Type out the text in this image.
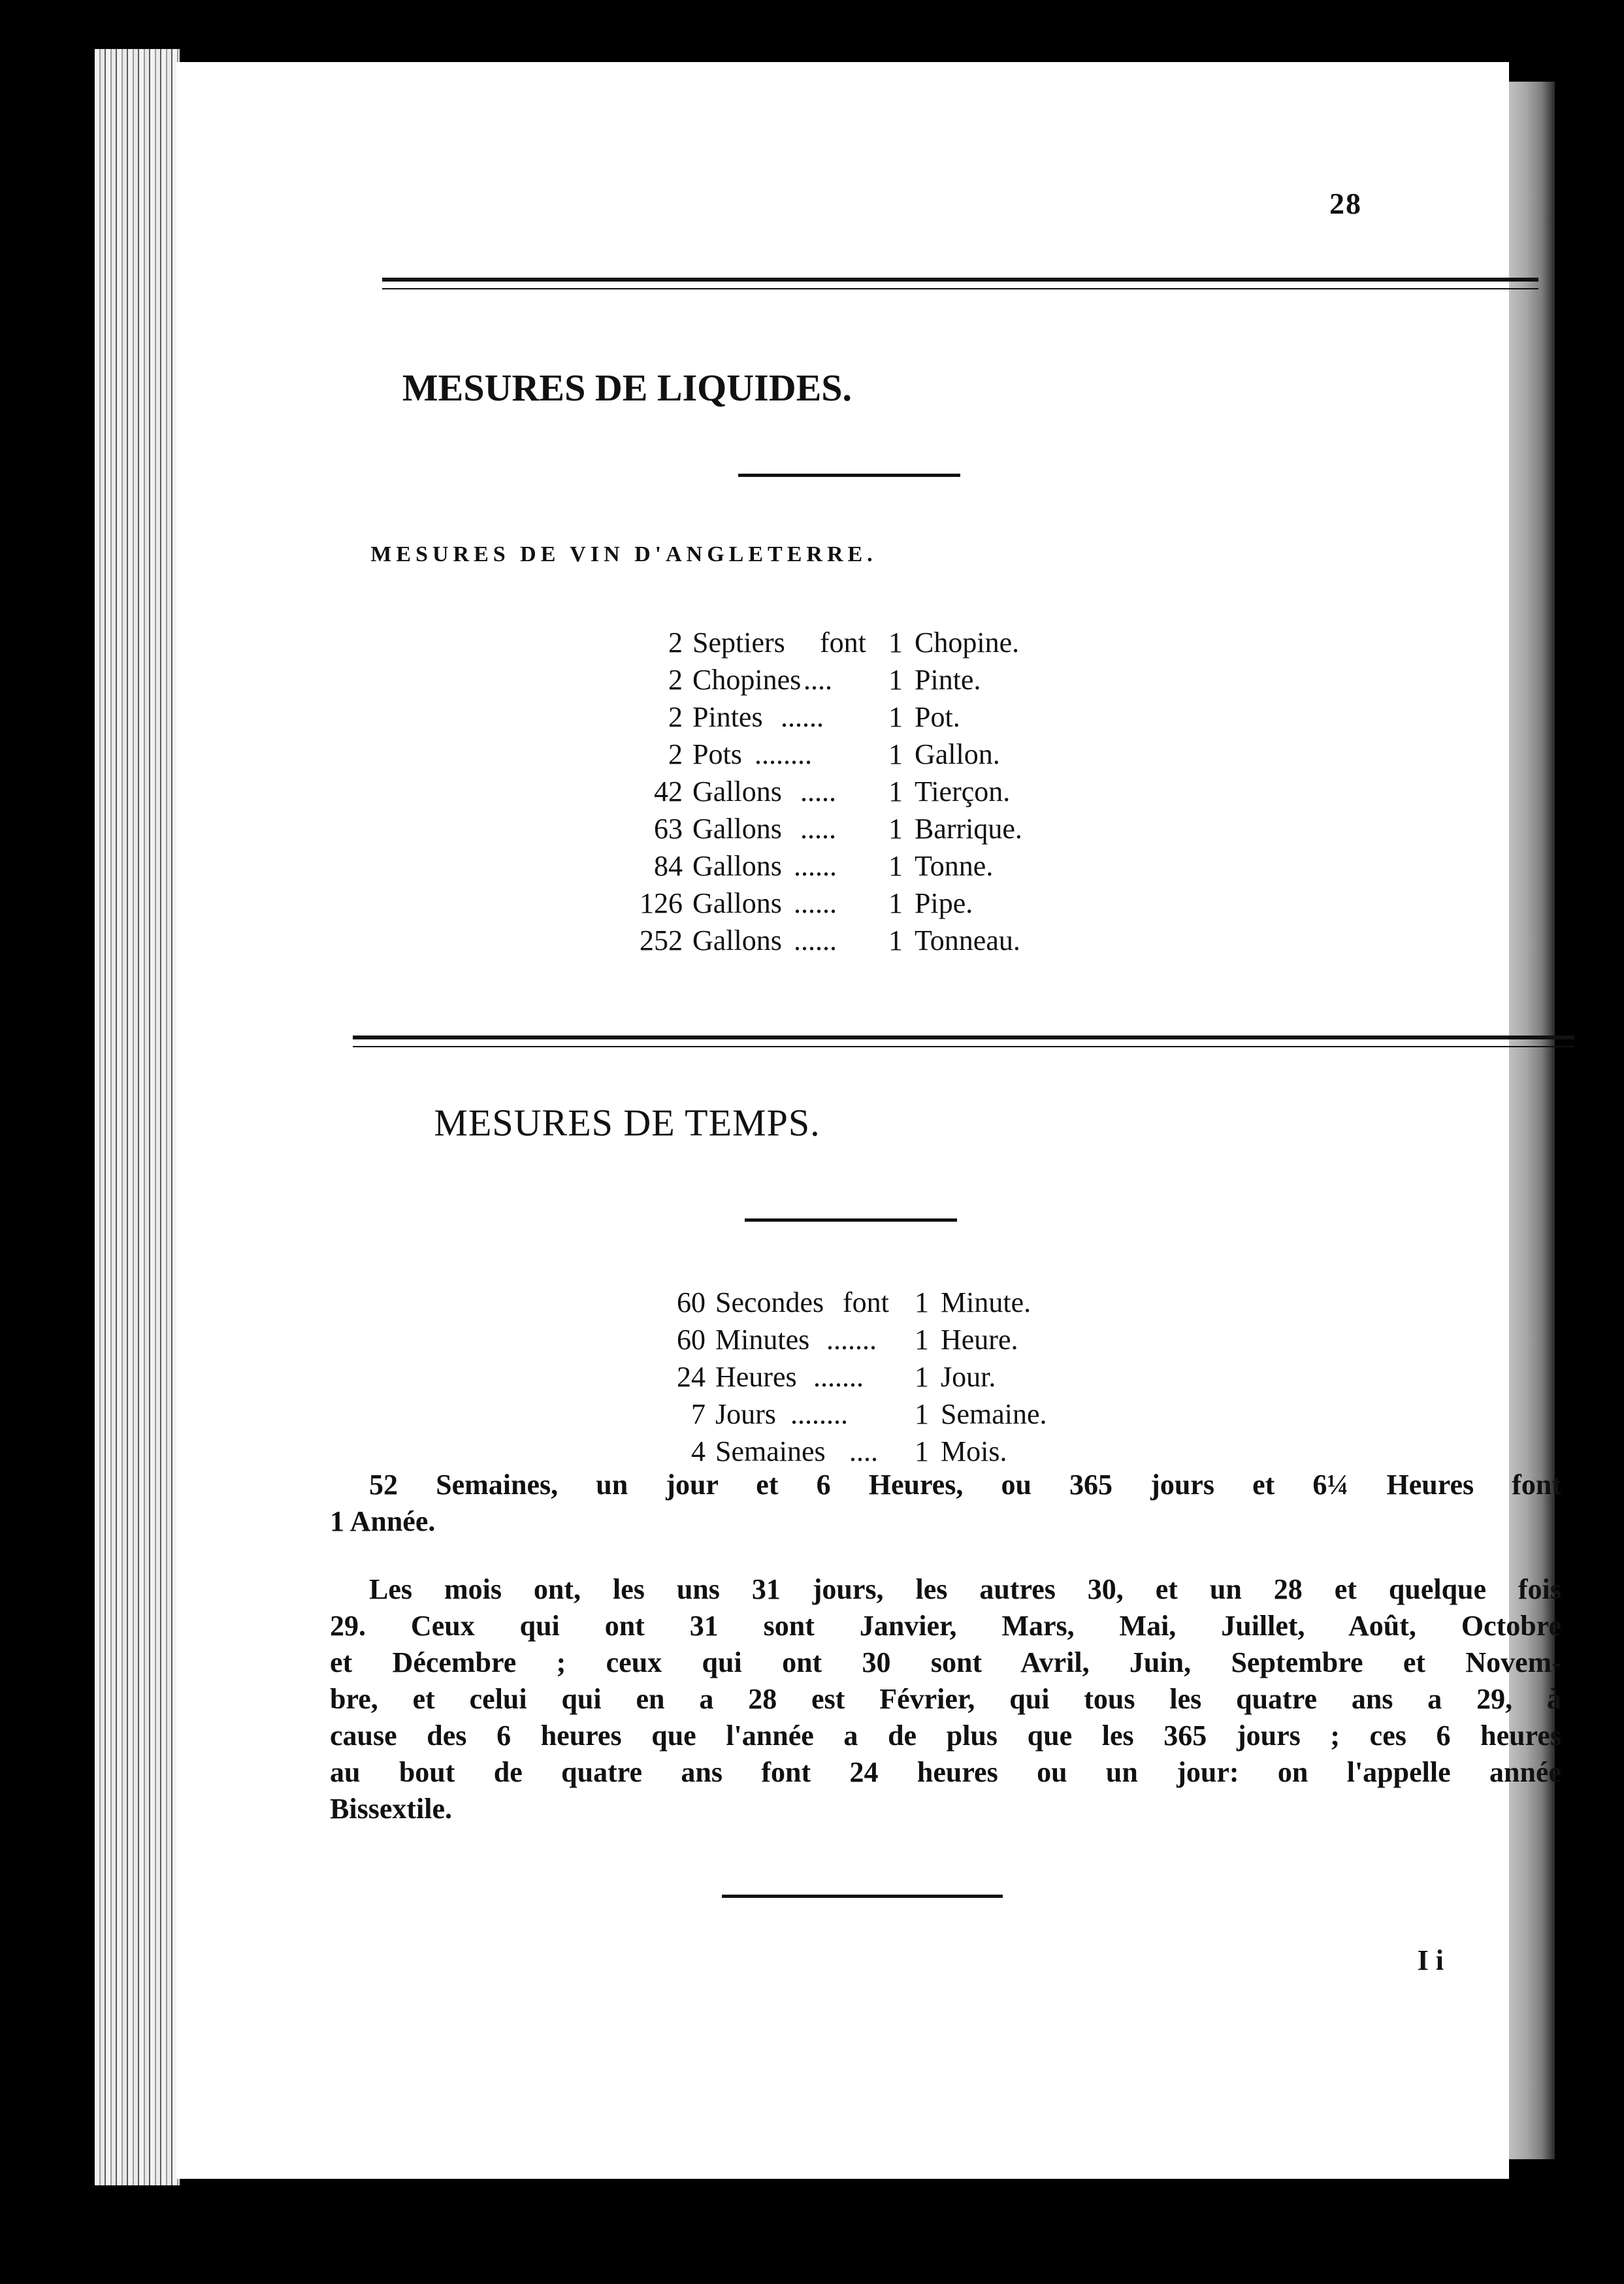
28
MESURES DE LIQUIDES.
MESURES DE VIN D'ANGLETERRE.
2 Septiers font 1 Chopine.
2 Chopines .... 1 Pinte.
2 Pintes ...... 1 Pot.
2 Pots ........	1 Gallon.
42 Gallons ..... 1 Tierçon.
63 Gallons ..... 1 Barrique.
84 Gallons ...... 1 Tonne.
126 Gallons ...... 1 Pipe.
252 Gallons ...... 1 Tonneau.
MESURES DE TEMPS.
60 Secondes font 1 Minute.
60 Minutes ....... 1 Heure.
24 Heures ....... 1 Jour.
7 Jours ........ 1 Semaine.
4 Semaines .... 1 Mois.
52 Semaines, un jour et 6 Heures, ou 365 jours et 6¼ Heures font
1 Année.
Les mois ont, les uns 31 jours, les autres 30, et un 28 et quelque fois
29. Ceux qui ont 31 sont Janvier, Mars, Mai, Juillet, Août, Octobre
et Décembre ; ceux qui ont 30 sont Avril, Juin, Septembre et Novem-
bre, et celui qui en a 28 est Février, qui tous les quatre ans a 29, à
cause des 6 heures que l'année a de plus que les 365 jours ; ces 6 heures
au bout de quatre ans font 24 heures ou un jour: on l'appelle année
Bissextile.
I i
